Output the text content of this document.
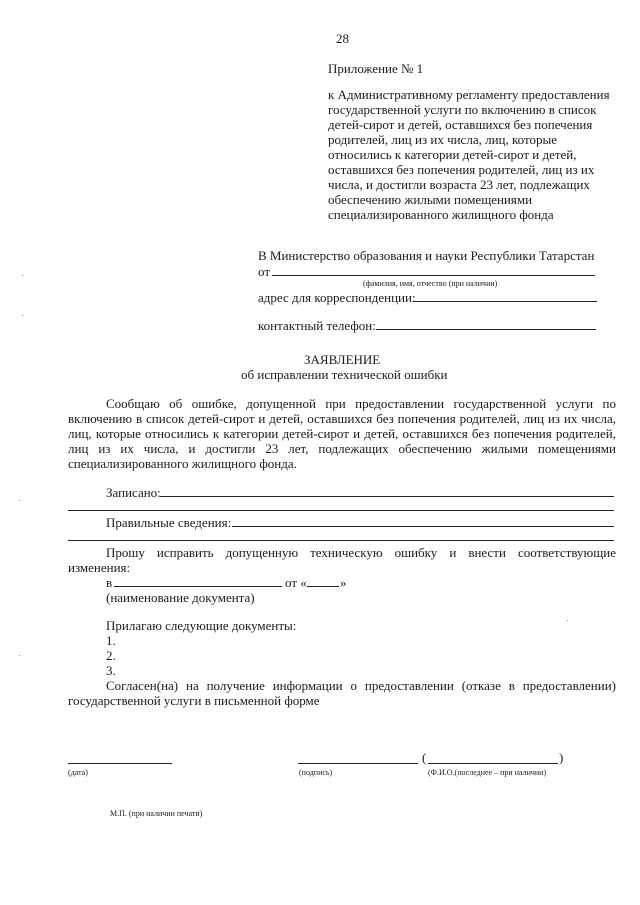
28
Приложение № 1
к Административному регламенту предоставления
государственной услуги по включению в список
детей-сирот и детей, оставшихся без попечения
родителей, лиц из их числа, лиц, которые
относились к категории детей-сирот и детей,
оставшихся без попечения родителей, лиц из их
числа, и достигли возраста 23 лет, подлежащих
обеспечению жилыми помещениями
специализированного жилищного фонда
В Министерство образования и науки Республики Татарстан
от
(фамилия, имя, отчество (при наличии)
адрес для корреспонденции:
контактный телефон:
ЗАЯВЛЕНИЕ
об исправлении технической ошибки
Сообщаю об ошибке, допущенной при предоставлении государственной услуги по
включению в список детей-сирот и детей, оставшихся без попечения родителей, лиц из их числа,
лиц, которые относились к категории детей-сирот и детей, оставшихся без попечения родителей,
лиц из их числа, и достигли 23 лет, подлежащих обеспечению жилыми помещениями
специализированного жилищного фонда.
Записано:
Правильные сведения:
Прошу исправить допущенную техническую ошибку и внести соответствующие
изменения:
в	от «	»
(наименование документа)
Прилагаю следующие документы:
1.
2.
3.
Согласен(на) на получение информации о предоставлении (отказе в предоставлении)
государственной услуги в письменной форме
(дата)	(подпись)
(	)
(Ф.И.О.(последнее – при наличии)
М.П. (при наличии печати)
